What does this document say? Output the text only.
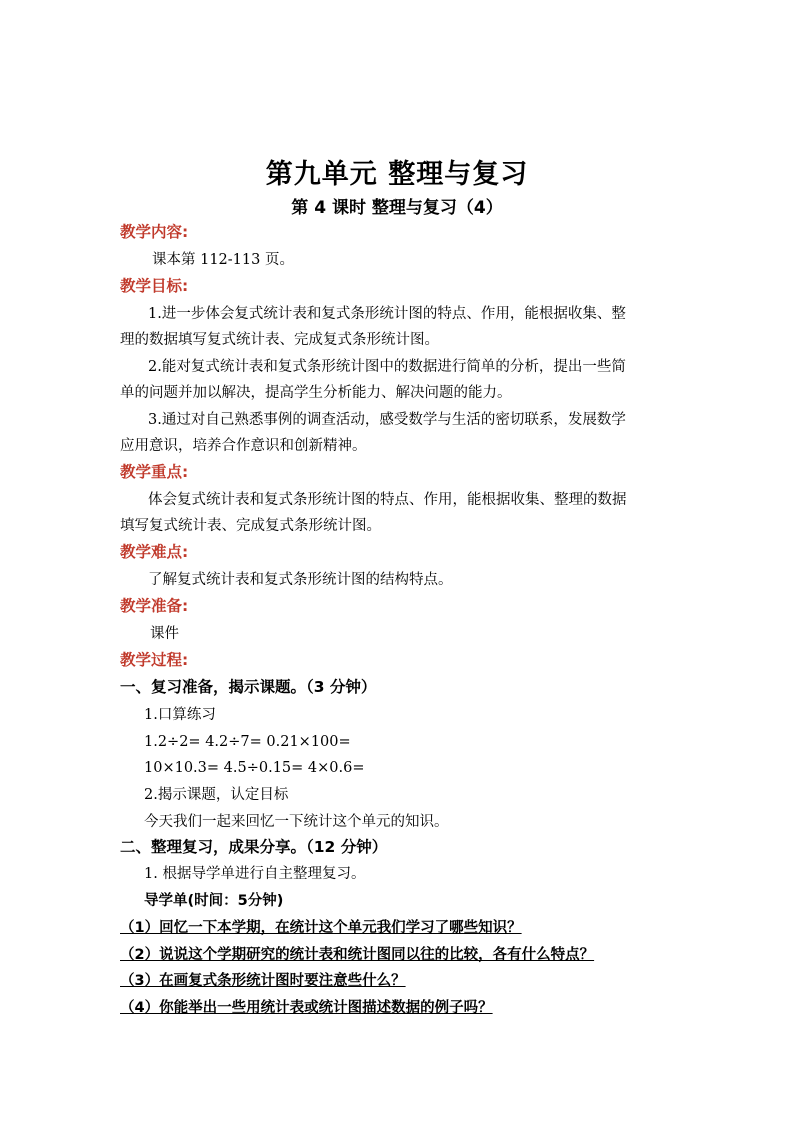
第九单元 整理与复习
第 4 课时 整理与复习（4）
教学内容:
课本第 112-113 页。
教学目标:
1.进一步体会复式统计表和复式条形统计图的特点、作用，能根据收集、整
理的数据填写复式统计表、完成复式条形统计图。
2.能对复式统计表和复式条形统计图中的数据进行简单的分析，提出一些简
单的问题并加以解决，提高学生分析能力、解决问题的能力。
3.通过对自己熟悉事例的调查活动，感受数学与生活的密切联系，发展数学
应用意识，培养合作意识和创新精神。
教学重点:
体会复式统计表和复式条形统计图的特点、作用，能根据收集、整理的数据
填写复式统计表、完成复式条形统计图。
教学难点:
了解复式统计表和复式条形统计图的结构特点。
教学准备:
课件
教学过程:
一、复习准备，揭示课题。（3 分钟）
1.口算练习
1.2÷2= 4.2÷7= 0.21×100=
10×10.3= 4.5÷0.15= 4×0.6=
2.揭示课题，认定目标
今天我们一起来回忆一下统计这个单元的知识。
二、整理复习，成果分享。（12 分钟）
1. 根据导学单进行自主整理复习。
导学单(时间：5分钟)
（1）回忆一下本学期，在统计这个单元我们学习了哪些知识？
（2）说说这个学期研究的统计表和统计图同以往的比较，各有什么特点？
（3）在画复式条形统计图时要注意些什么？
（4）你能举出一些用统计表或统计图描述数据的例子吗？
